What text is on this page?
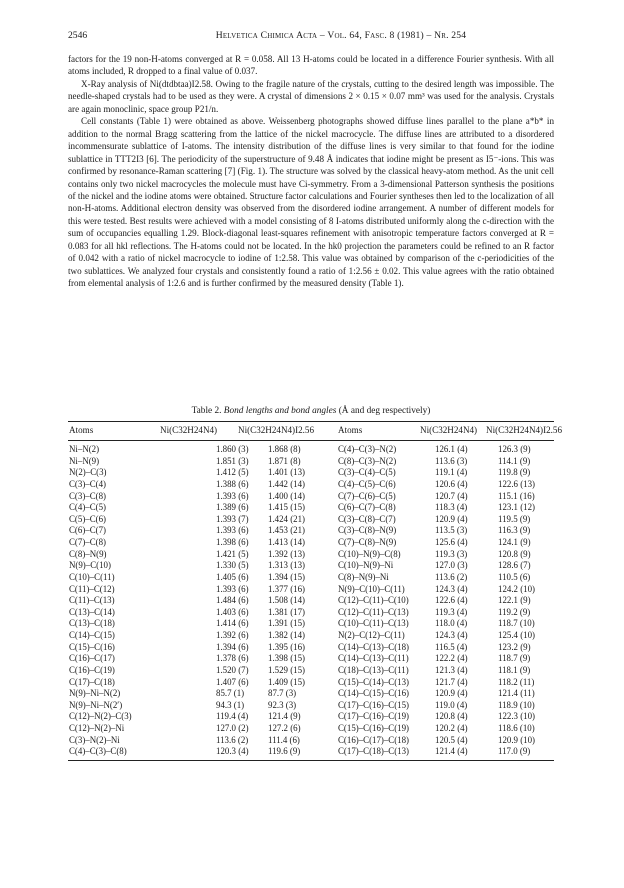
2546	Helvetica Chimica Acta – Vol. 64, Fasc. 8 (1981) – Nr. 254

factors for the 19 non-H-atoms converged at R = 0.058. All 13 H-atoms could be located in a difference Fourier synthesis. With all atoms included, R dropped to a final value of 0.037.

X-Ray analysis of Ni(dtdbtaa)I2.58. Owing to the fragile nature of the crystals, cutting to the desired length was impossible. The needle-shaped crystals had to be used as they were. A crystal of dimensions 2 × 0.15 × 0.07 mm³ was used for the analysis. Crystals are again monoclinic, space group P21/n.

Cell constants (Table 1) were obtained as above. Weissenberg photographs showed diffuse lines parallel to the plane a*b* in addition to the normal Bragg scattering from the lattice of the nickel macrocycle. The diffuse lines are attributed to a disordered incommensurate sublattice of I-atoms. The intensity distribution of the diffuse lines is very similar to that found for the iodine sublattice in TTT2I3 [6]. The periodicity of the superstructure of 9.48 Å indicates that iodine might be present as I5⁻-ions. This was confirmed by resonance-Raman scattering [7] (Fig. 1). The structure was solved by the classical heavy-atom method. As the unit cell contains only two nickel macrocycles the molecule must have Ci-symmetry. From a 3-dimensional Patterson synthesis the positions of the nickel and the iodine atoms were obtained. Structure factor calculations and Fourier syntheses then led to the localization of all non-H-atoms. Additional electron density was observed from the disordered iodine arrangement. A number of different models for this were tested. Best results were achieved with a model consisting of 8 I-atoms distributed uniformly along the c-direction with the sum of occupancies equalling 1.29. Block-diagonal least-squares refinement with anisotropic temperature factors converged at R = 0.083 for all hkl reflections. The H-atoms could not be located. In the hk0 projection the parameters could be refined to an R factor of 0.042 with a ratio of nickel macrocycle to iodine of 1:2.58. This value was obtained by comparison of the c-periodicities of the two sublattices. We analyzed four crystals and consistently found a ratio of 1:2.56 ± 0.02. This value agrees with the ratio obtained from elemental analysis of 1:2.6 and is further confirmed by the measured density (Table 1).

Table 2. Bond lengths and bond angles (Å and deg respectively)
Atoms	Ni(C32H24N4) Ni(C32H24N4)I2.56	Atoms	Ni(C32H24N4) Ni(C32H24N4)I2.56
Ni–N(2)	1.860 (3) 1.868 (8)	C(4)–C(3)–N(2)	126.1 (4)	126.3 (9)
Ni–N(9)	1.851 (3) 1.871 (8)	C(8)–C(3)–N(2)	113.6 (3)	114.1 (9)
N(2)–C(3)	1.412 (5) 1.401 (13)	C(3)–C(4)–C(5)	119.1 (4)	119.8 (9)
C(3)–C(4)	1.388 (6) 1.442 (14)	C(4)–C(5)–C(6)	120.6 (4)	122.6 (13)
C(3)–C(8)	1.393 (6) 1.400 (14)	C(7)–C(6)–C(5)	120.7 (4)	115.1 (16)
C(4)–C(5)	1.389 (6) 1.415 (15)	C(6)–C(7)–C(8)	118.3 (4)	123.1 (12)
C(5)–C(6)	1.393 (7) 1.424 (21)	C(3)–C(8)–C(7)	120.9 (4)	119.5 (9)
C(6)–C(7)	1.393 (6) 1.453 (21)	C(3)–C(8)–N(9)	113.5 (3)	116.3 (9)
C(7)–C(8)	1.398 (6) 1.413 (14)	C(7)–C(8)–N(9)	125.6 (4)	124.1 (9)
C(8)–N(9)	1.421 (5) 1.392 (13)	C(10)–N(9)–C(8)	119.3 (3)	120.8 (9)
N(9)–C(10)	1.330 (5) 1.313 (13)	C(10)–N(9)–Ni	127.0 (3)	128.6 (7)
C(10)–C(11)	1.405 (6) 1.394 (15)	C(8)–N(9)–Ni	113.6 (2)	110.5 (6)
C(11)–C(12)	1.393 (6) 1.377 (16)	N(9)–C(10)–C(11)	124.3 (4)	124.2 (10)
C(11)–C(13)	1.484 (6) 1.508 (14)	C(12)–C(11)–C(10)	122.6 (4)	122.1 (9)
C(13)–C(14)	1.403 (6) 1.381 (17)	C(12)–C(11)–C(13)	119.3 (4)	119.2 (9)
C(13)–C(18)	1.414 (6) 1.391 (15)	C(10)–C(11)–C(13)	118.0 (4)	118.7 (10)
C(14)–C(15)	1.392 (6) 1.382 (14)	N(2)–C(12)–C(11)	124.3 (4)	125.4 (10)
C(15)–C(16)	1.394 (6) 1.395 (16)	C(14)–C(13)–C(18)	116.5 (4)	123.2 (9)
C(16)–C(17)	1.378 (6) 1.398 (15)	C(14)–C(13)–C(11)	122.2 (4)	118.7 (9)
C(16)–C(19)	1.520 (7) 1.529 (15)	C(18)–C(13)–C(11)	121.3 (4)	118.1 (9)
C(17)–C(18)	1.407 (6) 1.409 (15)	C(15)–C(14)–C(13)	121.7 (4)	118.2 (11)
N(9)–Ni–N(2)	85.7 (1)	87.7 (3)	C(14)–C(15)–C(16)	120.9 (4)	121.4 (11)
N(9)–Ni–N(2′)	94.3 (1)	92.3 (3)	C(17)–C(16)–C(15)	119.0 (4)	118.9 (10)
C(12)–N(2)–C(3)	119.4 (4) 121.4 (9)	C(17)–C(16)–C(19)	120.8 (4)	122.3 (10)
C(12)–N(2)–Ni	127.0 (2) 127.2 (6)	C(15)–C(16)–C(19)	120.2 (4)	118.6 (10)
C(3)–N(2)–Ni	113.6 (2) 111.4 (6)	C(16)–C(17)–C(18)	120.5 (4)	120.9 (10)
C(4)–C(3)–C(8)	120.3 (4) 119.6 (9)	C(17)–C(18)–C(13)	121.4 (4)	117.0 (9)
